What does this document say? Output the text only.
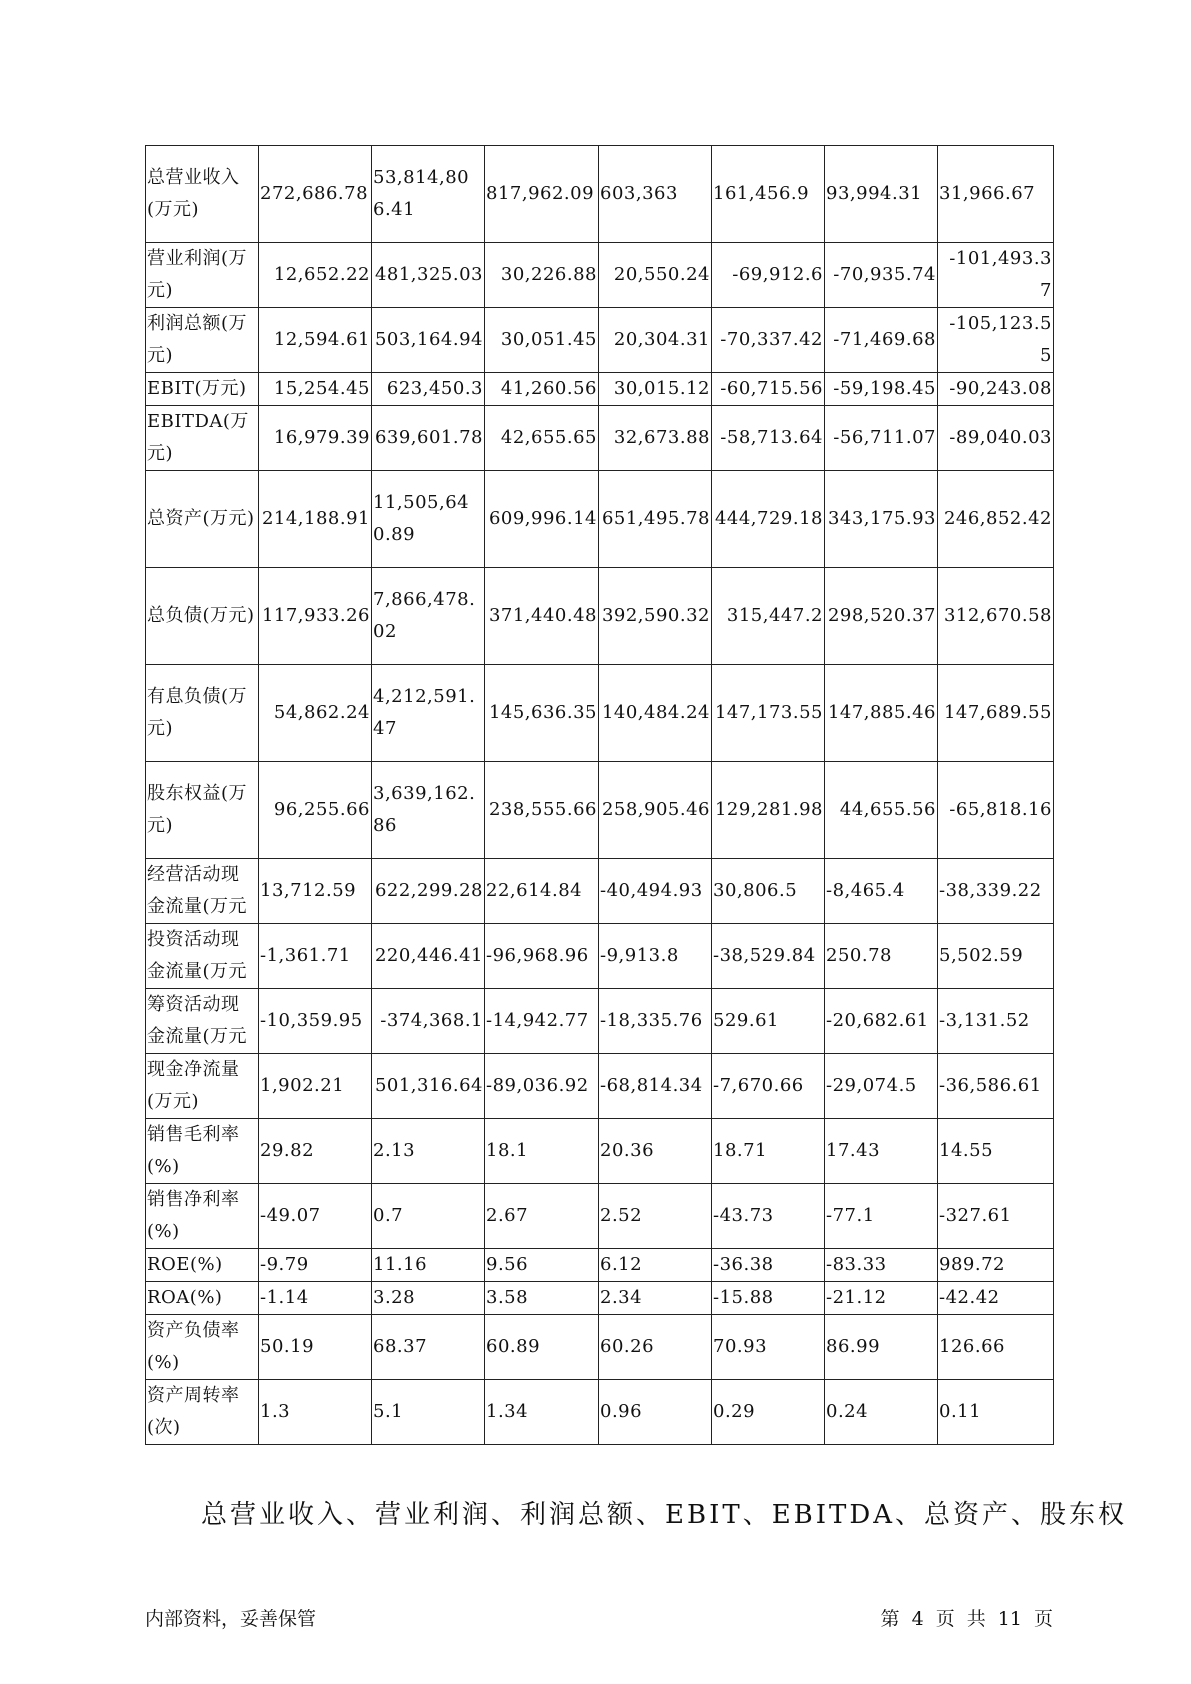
总营业收入(万元)	272,686.78	53,814,806.41	817,962.09	603,363	161,456.9	93,994.31	31,966.67
营业利润(万元)	12,652.22	481,325.03	30,226.88	20,550.24	-69,912.6	-70,935.74	-101,493.37
利润总额(万元)	12,594.61	503,164.94	30,051.45	20,304.31	-70,337.42	-71,469.68	-105,123.55
EBIT(万元)	15,254.45	623,450.3	41,260.56	30,015.12	-60,715.56	-59,198.45	-90,243.08
EBITDA(万元)	16,979.39	639,601.78	42,655.65	32,673.88	-58,713.64	-56,711.07	-89,040.03
总资产(万元)	214,188.91	11,505,640.89	609,996.14	651,495.78	444,729.18	343,175.93	246,852.42
总负债(万元)	117,933.26	7,866,478.02	371,440.48	392,590.32	315,447.2	298,520.37	312,670.58
有息负债(万元)	54,862.24	4,212,591.47	145,636.35	140,484.24	147,173.55	147,885.46	147,689.55
股东权益(万元)	96,255.66	3,639,162.86	238,555.66	258,905.46	129,281.98	44,655.56	-65,818.16
经营活动现金流量(万元	13,712.59	622,299.28	22,614.84	-40,494.93	30,806.5	-8,465.4	-38,339.22
投资活动现金流量(万元	-1,361.71	220,446.41	-96,968.96	-9,913.8	-38,529.84	250.78	5,502.59
筹资活动现金流量(万元	-10,359.95	-374,368.1	-14,942.77	-18,335.76	529.61	-20,682.61	-3,131.52
现金净流量(万元)	1,902.21	501,316.64	-89,036.92	-68,814.34	-7,670.66	-29,074.5	-36,586.61
销售毛利率(%)	29.82	2.13	18.1	20.36	18.71	17.43	14.55
销售净利率(%)	-49.07	0.7	2.67	2.52	-43.73	-77.1	-327.61
ROE(%)	-9.79	11.16	9.56	6.12	-36.38	-83.33	989.72
ROA(%)	-1.14	3.28	3.58	2.34	-15.88	-21.12	-42.42
资产负债率(%)	50.19	68.37	60.89	60.26	70.93	86.99	126.66
资产周转率(次)	1.3	5.1	1.34	0.96	0.29	0.24	0.11
总营业收入、营业利润、利润总额、EBIT、EBITDA、总资产、股东权
内部资料，妥善保管	第 4 页 共 11 页
